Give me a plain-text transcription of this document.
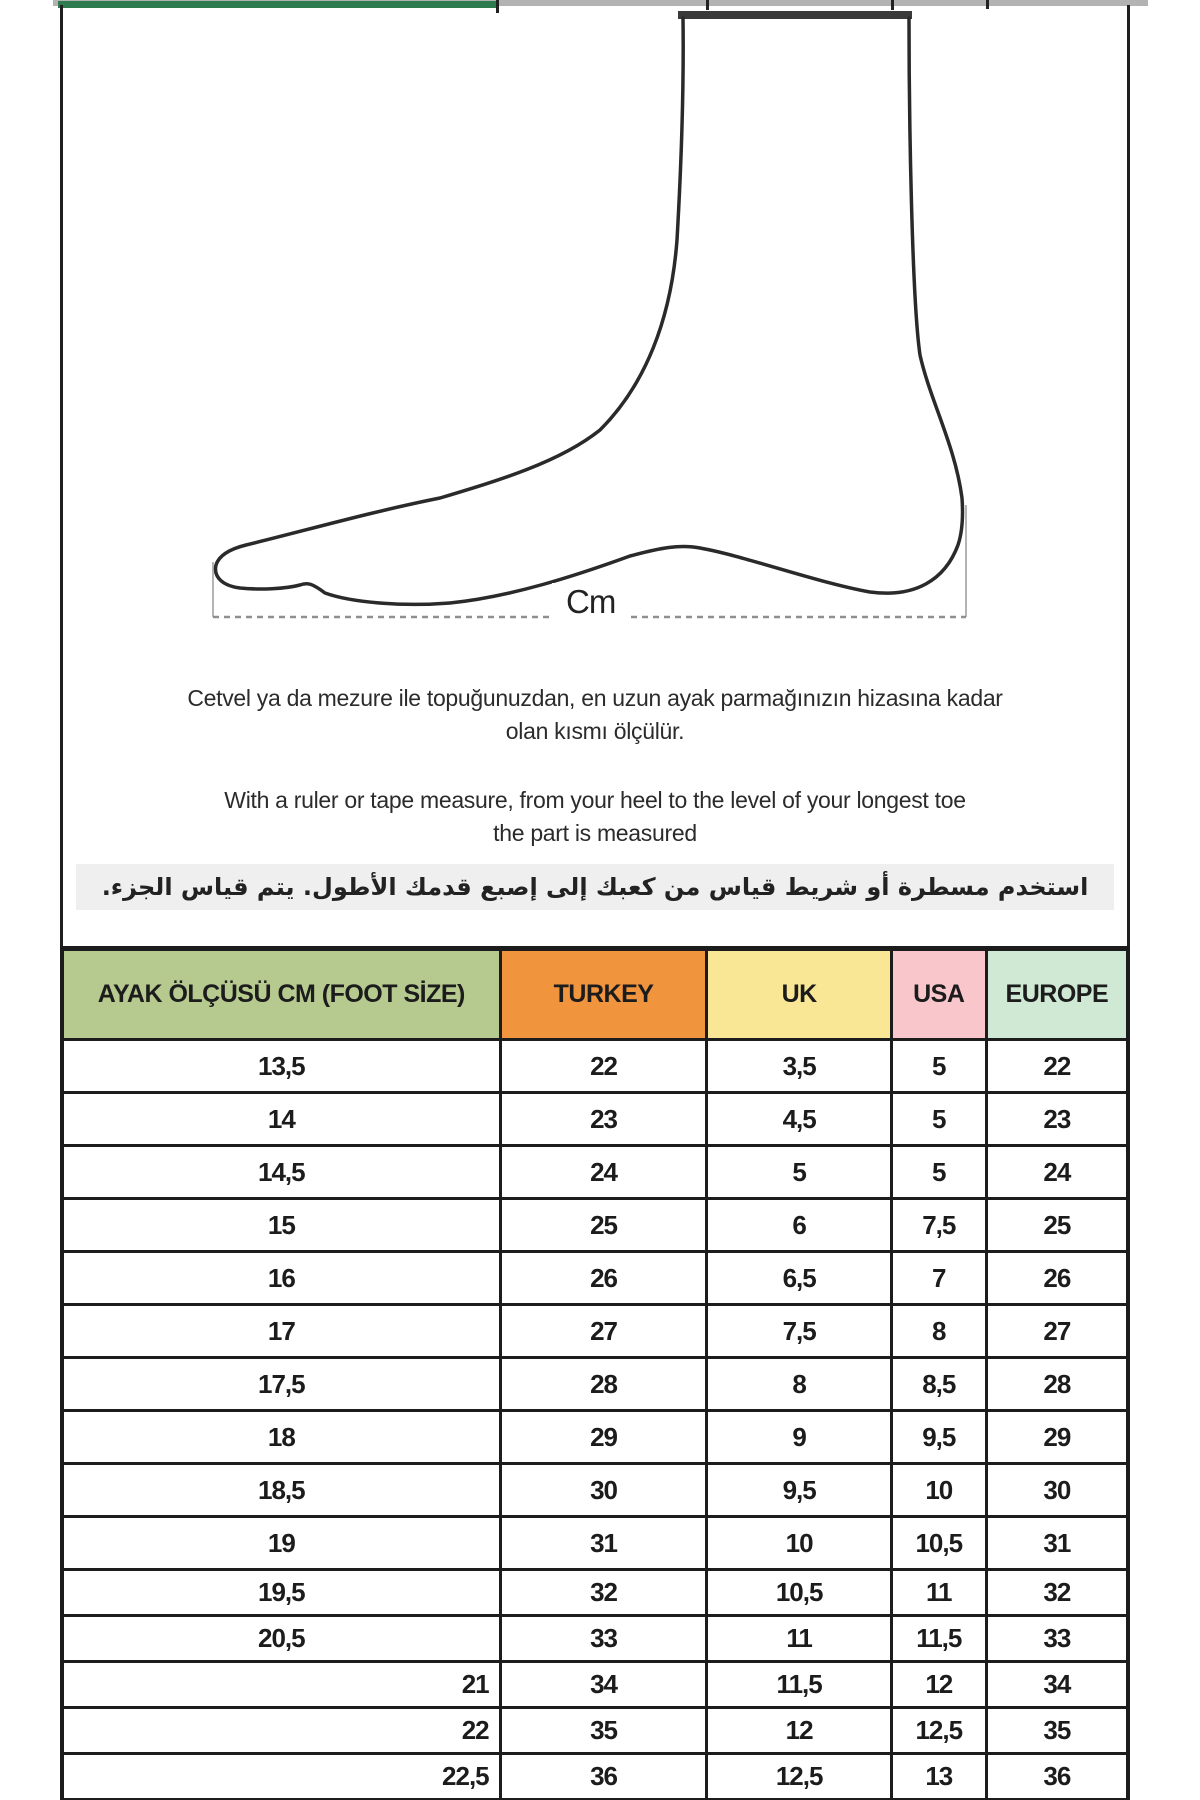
Cm
Cetvel ya da mezure ile topuğunuzdan, en uzun ayak parmağınızın hizasına kadar
olan kısmı ölçülür.
With a ruler or tape measure, from your heel to the level of your longest toe
the part is measured
استخدم مسطرة أو شريط قياس من كعبك إلى إصبع قدمك الأطول. يتم قياس الجزء.
AYAK ÖLÇÜSÜ CM (FOOT SİZE)	TURKEY	UK	USA	EUROPE
13,5	22	3,5	5	22
14	23	4,5	5	23
14,5	24	5	5	24
15	25	6	7,5	25
16	26	6,5	7	26
17	27	7,5	8	27
17,5	28	8	8,5	28
18	29	9	9,5	29
18,5	30	9,5	10	30
19	31	10	10,5	31
19,5	32	10,5	11	32
20,5	33	11	11,5	33
21	34	11,5	12	34
22	35	12	12,5	35
22,5	36	12,5	13	36
